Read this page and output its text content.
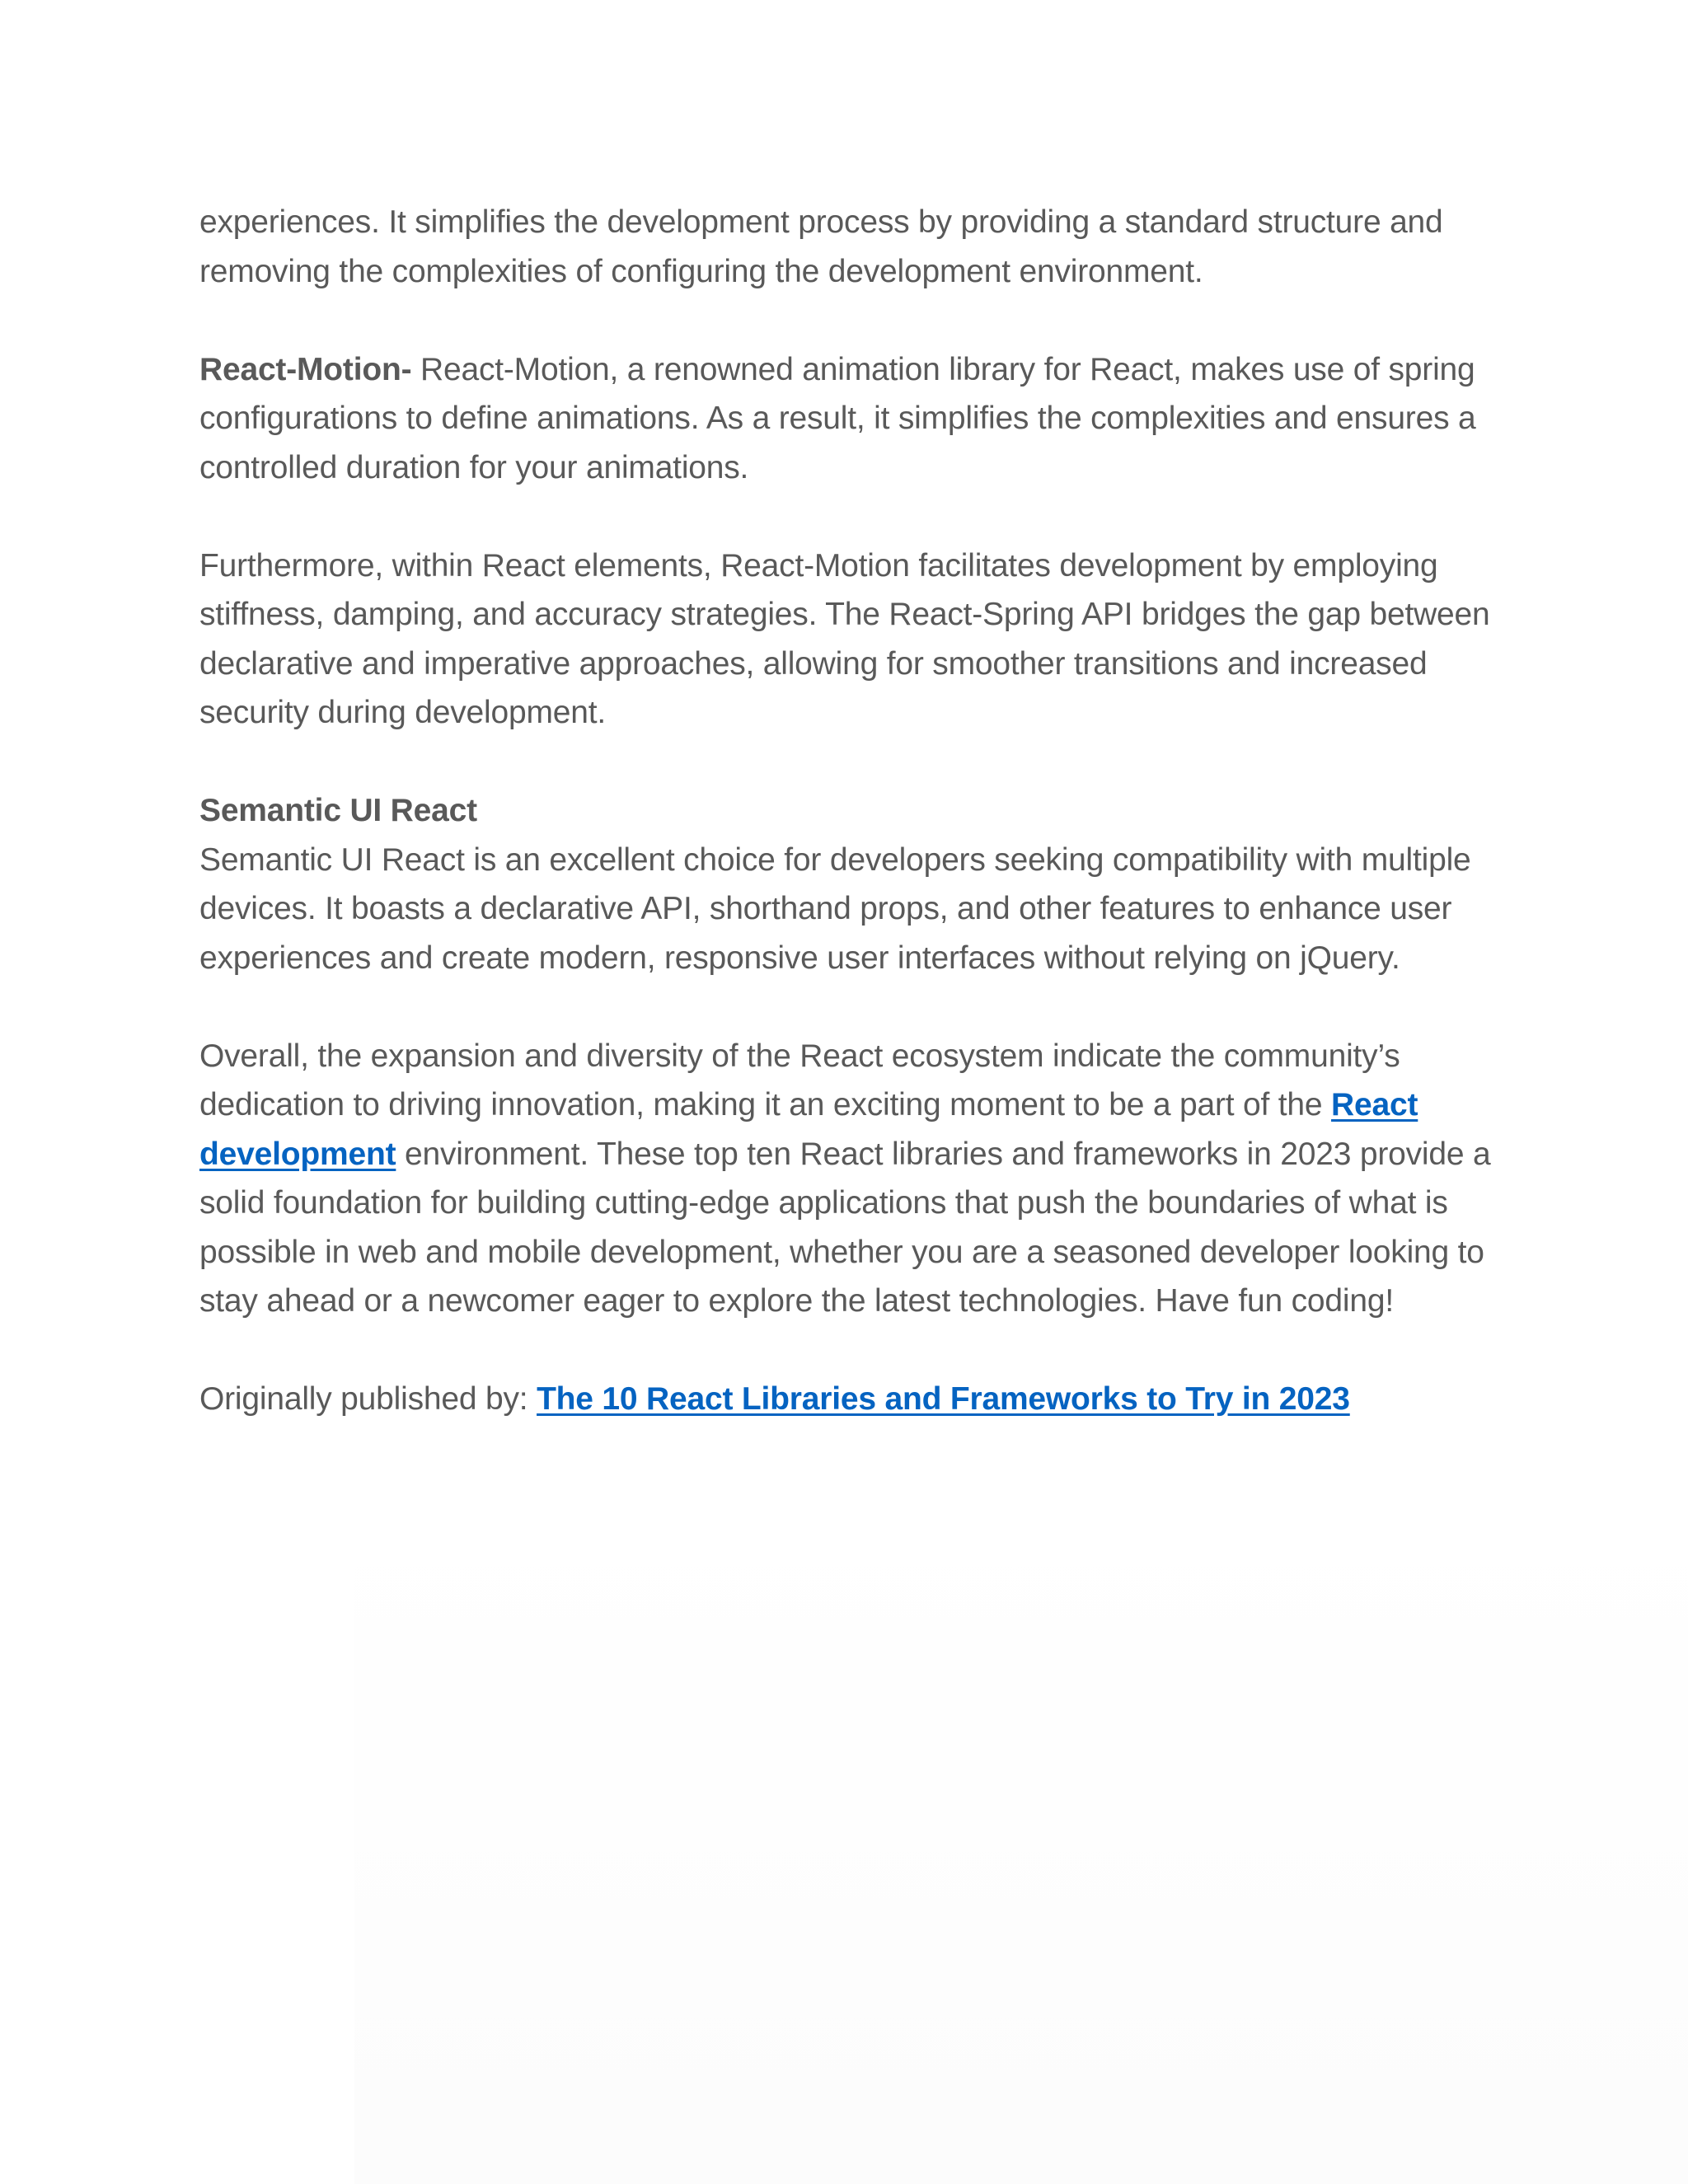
experiences. It simplifies the development process by providing a standard structure and removing the complexities of configuring the development environment.

React-Motion- React-Motion, a renowned animation library for React, makes use of spring configurations to define animations. As a result, it simplifies the complexities and ensures a controlled duration for your animations.

Furthermore, within React elements, React-Motion facilitates development by employing stiffness, damping, and accuracy strategies. The React-Spring API bridges the gap between declarative and imperative approaches, allowing for smoother transitions and increased security during development.

Semantic UI React

Semantic UI React is an excellent choice for developers seeking compatibility with multiple devices. It boasts a declarative API, shorthand props, and other features to enhance user experiences and create modern, responsive user interfaces without relying on jQuery.

Overall, the expansion and diversity of the React ecosystem indicate the community’s dedication to driving innovation, making it an exciting moment to be a part of the React development environment. These top ten React libraries and frameworks in 2023 provide a solid foundation for building cutting-edge applications that push the boundaries of what is possible in web and mobile development, whether you are a seasoned developer looking to stay ahead or a newcomer eager to explore the latest technologies. Have fun coding!

Originally published by: The 10 React Libraries and Frameworks to Try in 2023
